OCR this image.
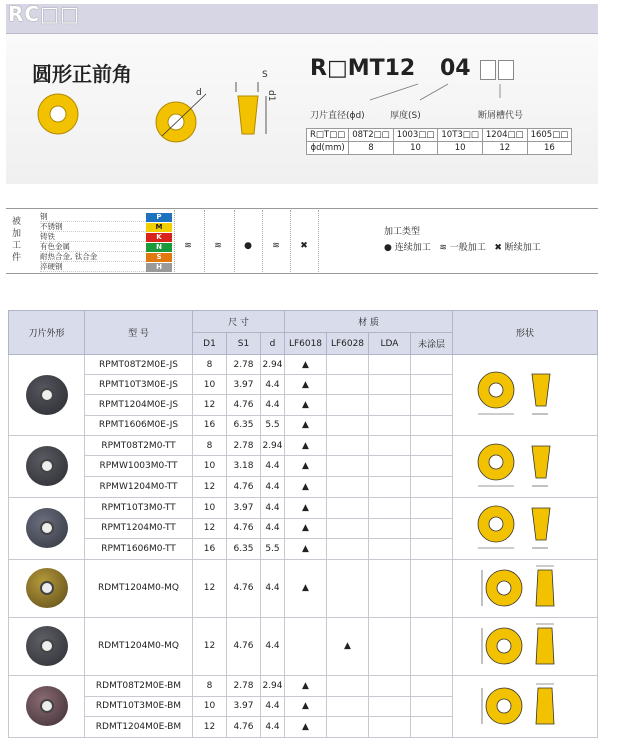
RC□□
圆形正前角
d
S
d1
R□MT12 04
刀片直径(ϕd)	厚度(S)	断屑槽代号
R□T□□	08T2□□	1003□□	10T3□□	1204□□	1605□□
ϕd(mm)	8	10	10	12	16
被
加
工
件
钢	P
不锈钢	M
铸铁	K
有色金属	N
耐热合金, 钛合金	S
淬硬钢	H
≋	≋	●	≋	✖
加工类型
● 连续加工 ≋ 一般加工 ✖ 断续加工
刀片外形	型 号	尺 寸			材 质				形状
		D1	S1	d	LF6018	LF6028	LDA	未涂层	

	RPMT08T2M0E-JS	8	2.78	2.94	▲				
	RPMT10T3M0E-JS	10	3.97	4.4	▲				
	RPMT1204M0E-JS	12	4.76	4.4	▲				
	RPMT1606M0E-JS	16	6.35	5.5	▲				

	RPMT08T2M0-TT	8	2.78	2.94	▲				
	RPMW1003M0-TT	10	3.18	4.4	▲				
	RPMW1204M0-TT	12	4.76	4.4	▲				

	RPMT10T3M0-TT	10	3.97	4.4	▲				
	RPMT1204M0-TT	12	4.76	4.4	▲				
	RPMT1606M0-TT	16	6.35	5.5	▲				

	RDMT1204M0-MQ	12	4.76	4.4	▲				

	RDMT1204M0-MQ	12	4.76	4.4		▲			

	RDMT08T2M0E-BM	8	2.78	2.94	▲				
	RDMT10T3M0E-BM	10	3.97	4.4	▲				
	RDMT1204M0E-BM	12	4.76	4.4	▲				
